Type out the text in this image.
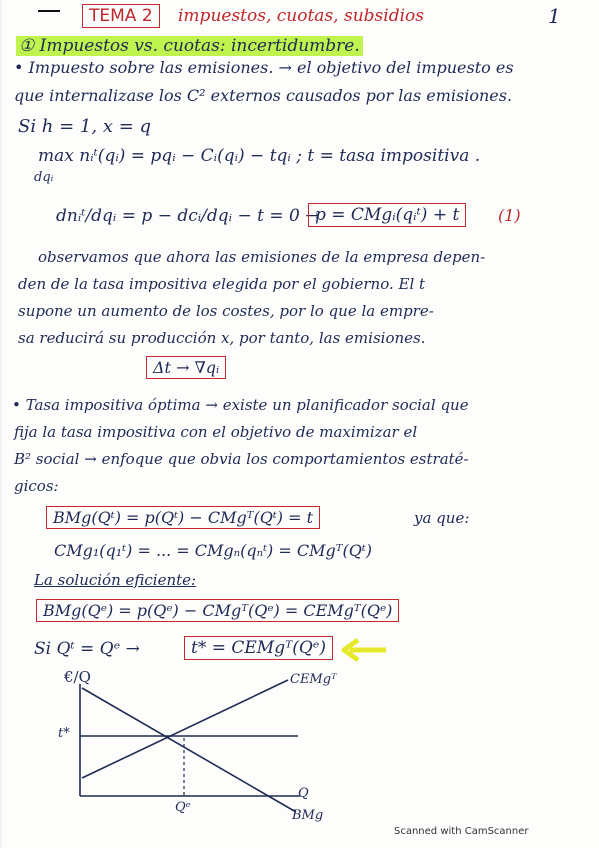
TEMA 2	impuestos, cuotas, subsidios	1
① Impuestos vs. cuotas: incertidumbre.
• Impuesto sobre las emisiones. → el objetivo del impuesto es
que internalizase los C² externos causados por las emisiones.
Si h = 1, x = q
max nᵢᵗ(qᵢ) = pqᵢ − Cᵢ(qᵢ) − tqᵢ ; t = tasa impositiva .
dqᵢ
dnᵢᵗ/dqᵢ = p − dcᵢ/dqᵢ − t = 0 →
p = CMgᵢ(qᵢᵗ) + t	(1)
observamos que ahora las emisiones de la empresa depen-
den de la tasa impositiva elegida por el gobierno. El t
supone un aumento de los costes, por lo que la empre-
sa reducirá su producción x, por tanto, las emisiones.
Δt → ∇qᵢ
• Tasa impositiva óptima → existe un planificador social que
fija la tasa impositiva con el objetivo de maximizar el
B² social → enfoque que obvia los comportamientos estraté-
gicos:
BMg(Qᵗ) = p(Qᵗ) − CMgᵀ(Qᵗ) = t	ya que:
CMg₁(q₁ᵗ) = ... = CMgₙ(qₙᵗ) = CMgᵀ(Qᵗ)
La solución eficiente:
BMg(Qᵉ) = p(Qᵉ) − CMgᵀ(Qᵉ) = CEMgᵀ(Qᵉ)
Si Qᵗ = Qᵉ →	t* = CEMgᵀ(Qᵉ)
€/Q	CEMgᵀ
t*
Q
Qᵉ
BMg
Scanned with CamScanner
